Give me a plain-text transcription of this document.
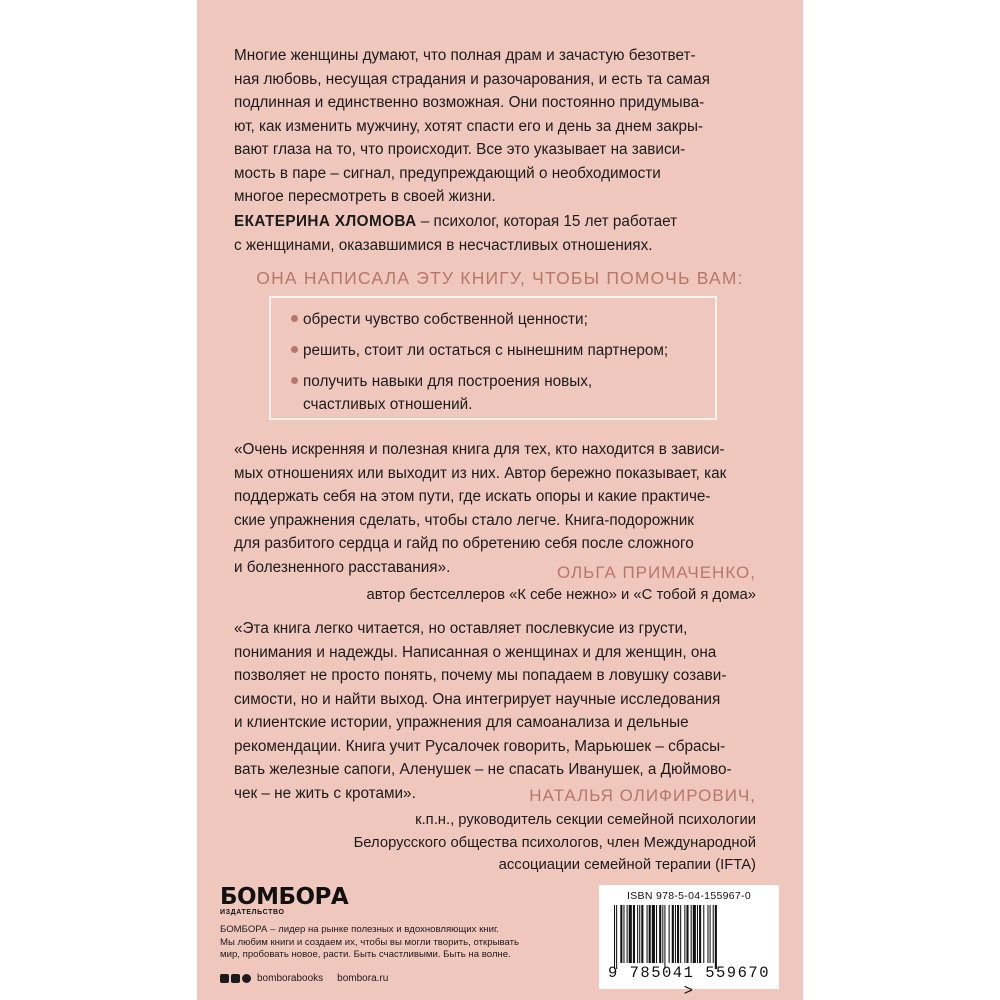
Многие женщины думают, что полная драм и зачастую безответ-
ная любовь, несущая страдания и разочарования, и есть та самая
подлинная и единственно возможная. Они постоянно придумыва-
ют, как изменить мужчину, хотят спасти его и день за днем закры-
вают глаза на то, что происходит. Все это указывает на зависи-
мость в паре – сигнал, предупреждающий о необходимости
многое пересмотреть в своей жизни.
ЕКАТЕРИНА ХЛОМОВА – психолог, которая 15 лет работает
с женщинами, оказавшимися в несчастливых отношениях.
ОНА НАПИСАЛА ЭТУ КНИГУ, ЧТОБЫ ПОМОЧЬ ВАМ:
обрести чувство собственной ценности;
решить, стоит ли остаться с нынешним партнером;
получить навыки для построения новых,
счастливых отношений.
«Очень искренняя и полезная книга для тех, кто находится в зависи-
мых отношениях или выходит из них. Автор бережно показывает, как
поддержать себя на этом пути, где искать опоры и какие практиче-
ские упражнения сделать, чтобы стало легче. Книга-подорожник
для разбитого сердца и гайд по обретению себя после сложного
и болезненного расставания».	ОЛЬГА ПРИМАЧЕНКО,
автор бестселлеров «К себе нежно» и «С тобой я дома»
«Эта книга легко читается, но оставляет послевкусие из грусти,
понимания и надежды. Написанная о женщинах и для женщин, она
позволяет не просто понять, почему мы попадаем в ловушку созави-
симости, но и найти выход. Она интегрирует научные исследования
и клиентские истории, упражнения для самоанализа и дельные
рекомендации. Книга учит Русалочек говорить, Марьюшек – сбрасы-
вать железные сапоги, Аленушек – не спасать Иванушек, а Дюймово-
чек – не жить с кротами».	НАТАЛЬЯ ОЛИФИРОВИЧ,
к.п.н., руководитель секции семейной психологии
Белорусского общества психологов, член Международной
ассоциации семейной терапии (IFTA)
БОМБОРА
ИЗДАТЕЛЬСТВО
БОМБОРА – лидер на рынке полезных и вдохновляющих книг.
Мы любим книги и создаем их, чтобы вы могли творить, открывать
мир, пробовать новое, расти. Быть счастливыми. Быть на волне.
bomborabooks bombora.ru
ISBN 978-5-04-155967-0
9 785041 559670 >
